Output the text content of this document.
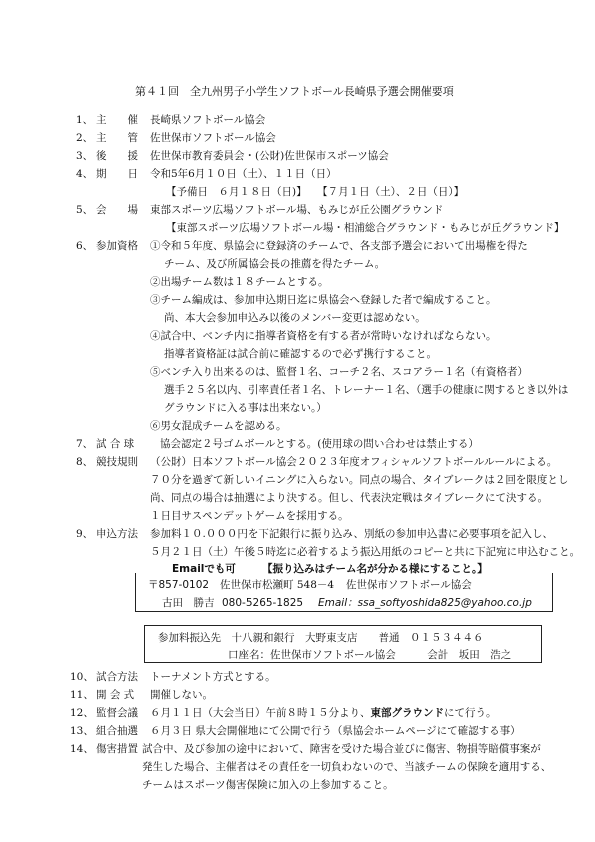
第４１回　全九州男子小学生ソフトボール長崎県予選会開催要項
1、 主　　催 長崎県ソフトボール協会
2、 主　　管 佐世保市ソフトボール協会
3、 後　　援 佐世保市教育委員会・(公財)佐世保市スポーツ協会
4、 期　　日 令和5年6月１０日（土）、１１日（日）
【予備日　６月１８日（日)】　　【７月１日（土）、２日（日）】
5、 会　　場 東部スポーツ広場ソフトボール場、もみじが丘公園グラウンド
【東部スポーツ広場ソフトボール場・相浦総合グラウンド・もみじが丘グラウンド】
6、 参加資格 ①令和５年度、県協会に登録済のチームで、各支部予選会において出場権を得た
チーム、及び所属協会長の推薦を得たチーム。
②出場チーム数は１８チームとする。
③チーム編成は、参加申込期日迄に県協会へ登録した者で編成すること。
尚、本大会参加申込み以後のメンバー変更は認めない。
④試合中、ベンチ内に指導者資格を有する者が常時いなければならない。
指導者資格証は試合前に確認するので必ず携行すること。
⑤ベンチ入り出来るのは、監督１名、コーチ２名、スコアラー１名（有資格者）
選手２５名以内、引率責任者１名、トレーナー１名、（選手の健康に関するとき以外は
グラウンドに入る事は出来ない。）
⑥男女混成チームを認める。
7、 試 合 球 協会認定２号ゴムボールとする。(使用球の問い合わせは禁止する）
8、 競技規則 （公財）日本ソフトボール協会２０２３年度オフィシャルソフトボールルールによる。
７０分を過ぎて新しいイニングに入らない。同点の場合、タイブレークは２回を限度とし
尚、同点の場合は抽選により決する。但し、代表決定戦はタイブレークにて決する。
１日目サスペンデットゲームを採用する。
9、 申込方法 参加料１０.０００円を下記銀行に振り込み、別紙の参加申込書に必要事項を記入し、
５月２１日（土）午後５時迄に必着するよう振込用紙のコピーと共に下記宛に申込むこと。
Emailでも可 【振り込みはチーム名が分かる様にすること。】
〒857-0102 佐世保市松瀬町 548－4 佐世保市ソフトボール協会
古田　勝吉 080-5265-1825 Email：ssa_softyoshida825@yahoo.co.jp
参加料振込先　十八親和銀行　大野東支店　　普通　０１５３４４６
口座名：佐世保市ソフトボール協会　　　会計　坂田　浩之
10、 試合方法 トーナメント方式とする。
11、 開 会 式 開催しない。
12、 監督会議 ６月１１日（大会当日）午前８時１５分より、東部グラウンドにて行う。
13、 組合抽選 ６月３日 県大会開催地にて公開で行う（県協会ホームページにて確認する事）
14、 傷害措置 試合中、及び参加の途中において、障害を受けた場合並びに傷害、物損等賠償事案が
発生した場合、主催者はその責任を一切負わないので、当該チームの保険を適用する、
チームはスポーツ傷害保険に加入の上参加すること。
